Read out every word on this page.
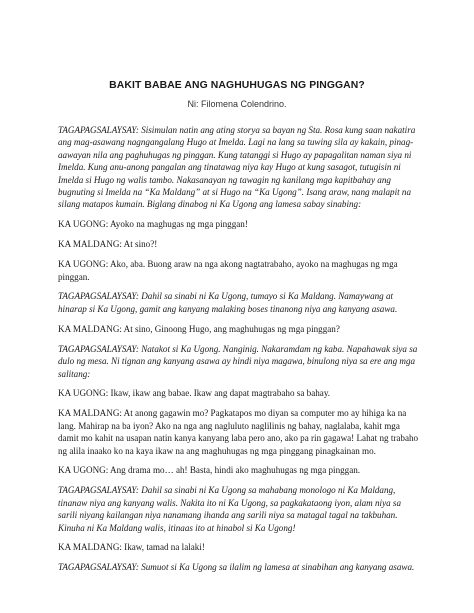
BAKIT BABAE ANG NAGHUHUGAS NG PINGGAN?
Ni: Filomena Colendrino.

TAGAPAGSALAYSAY: Sisimulan natin ang ating storya sa bayan ng Sta. Rosa kung saan nakatira ang mag-asawang nagngangalang Hugo at Imelda. Lagi na lang sa tuwing sila ay kakain, pinag-aawayan nila ang paghuhugas ng pinggan. Kung tatanggi si Hugo ay papagalitan naman siya ni Imelda. Kung anu-anong pangalan ang tinatawag niya kay Hugo at kung sasagot, tutugisin ni Imelda si Hugo ng walis tambo. Nakasanayan ng tawagin ng kanilang mga kapitbahay ang bugnuting si Imelda na “Ka Maldang” at si Hugo na “Ka Ugong”. Isang araw, nang malapit na silang matapos kumain. Biglang dinabog ni Ka Ugong ang lamesa sabay sinabing:

KA UGONG: Ayoko na maghugas ng mga pinggan!

KA MALDANG: At sino?!

KA UGONG: Ako, aba. Buong araw na nga akong nagtatrabaho, ayoko na maghugas ng mga pinggan.

TAGAPAGSALAYSAY: Dahil sa sinabi ni Ka Ugong, tumayo si Ka Maldang. Namaywang at hinarap si Ka Ugong, gamit ang kanyang malaking boses tinanong niya ang kanyang asawa.

KA MALDANG: At sino, Ginoong Hugo, ang maghuhugas ng mga pinggan?

TAGAPAGSALAYSAY: Natakot si Ka Ugong. Nanginig. Nakaramdam ng kaba. Napahawak siya sa dulo ng mesa. Ni tignan ang kanyang asawa ay hindi niya magawa, binulong niya sa ere ang mga salitang:

KA UGONG: Ikaw, ikaw ang babae. Ikaw ang dapat magtrabaho sa bahay.

KA MALDANG: At anong gagawin mo? Pagkatapos mo diyan sa computer mo ay hihiga ka na lang. Mahirap na ba iyon? Ako na nga ang nagluluto naglilinis ng bahay, naglalaba, kahit mga damit mo kahit na usapan natin kanya kanyang laba pero ano, ako pa rin gagawa! Lahat ng trabaho ng alila inaako ko na kaya ikaw na ang maghuhugas ng mga pinggang pinagkainan mo.

KA UGONG: Ang drama mo… ah! Basta, hindi ako maghuhugas ng mga pinggan.

TAGAPAGSALAYSAY: Dahil sa sinabi ni Ka Ugong sa mahabang monologo ni Ka Maldang, tinanaw niya ang kanyang walis. Nakita ito ni Ka Ugong, sa pagkakataong iyon, alam niya sa sarili niyang kailangan niya nanamang ihanda ang sarili niya sa matagal tagal na takbuhan. Kinuha ni Ka Maldang walis, itinaas ito at hinabol si Ka Ugong!

KA MALDANG: Ikaw, tamad na lalaki!

TAGAPAGSALAYSAY: Sumuot si Ka Ugong sa ilalim ng lamesa at sinabihan ang kanyang asawa.
